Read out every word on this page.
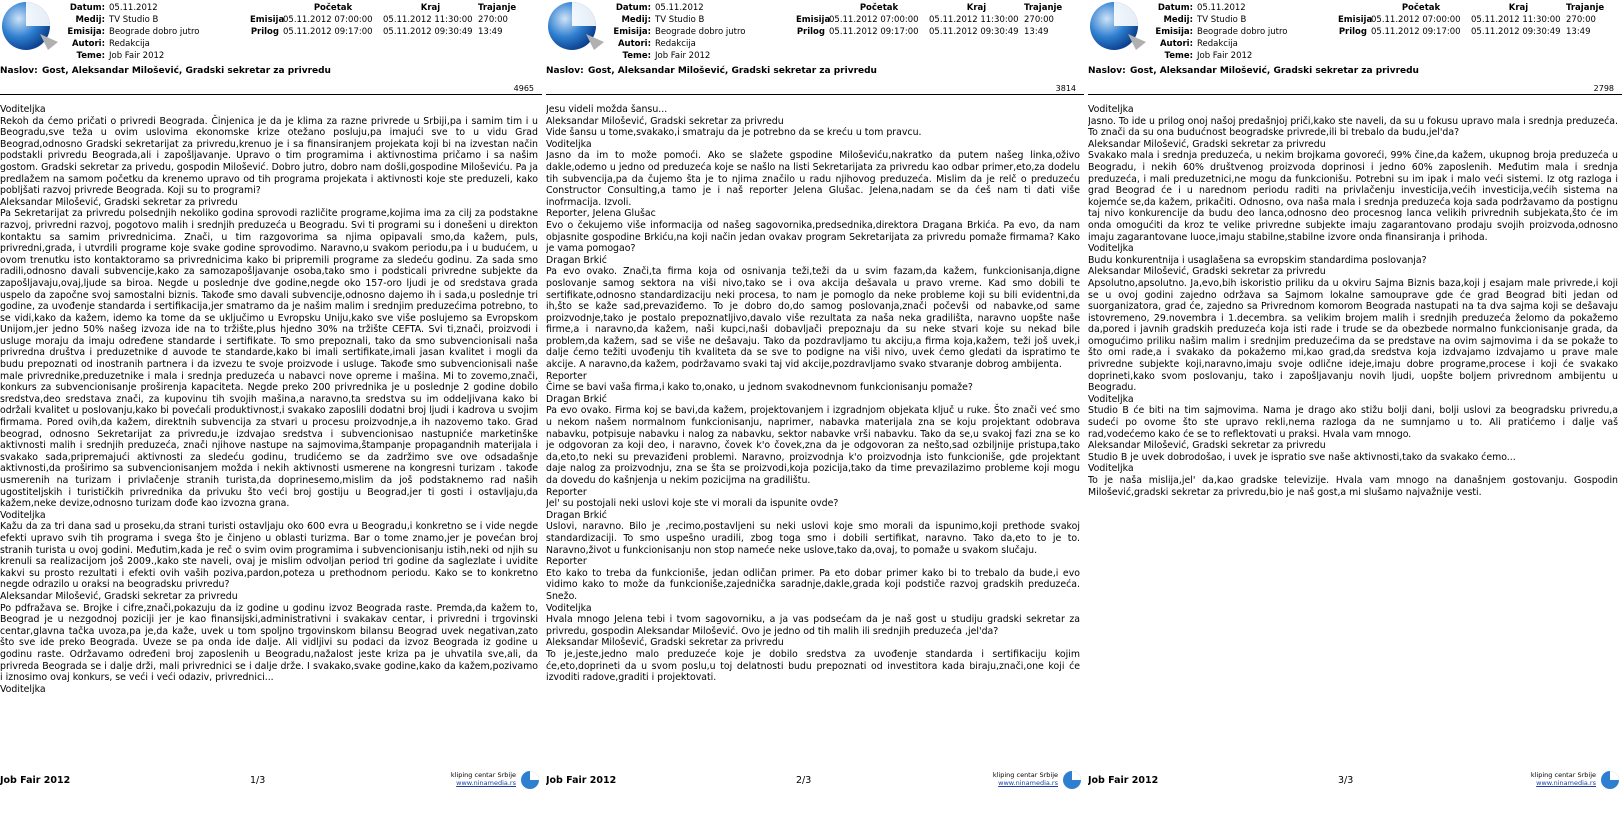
Datum: 05.11.2012
Medij: TV Studio B
Emisija: Beograde dobro jutro
Autori: Redakcija
Teme: Job Fair 2012
Početak	Kraj	Trajanje
Emisija05.11.2012 07:00:00 05.11.2012 11:30:00 270:00
Prilog 05.11.2012 09:17:00 05.11.2012 09:30:49 13:49
Naslov: Gost, Aleksandar Milošević, Gradski sekretar za privredu
4965

Voditeljka

Rekoh da ćemo pričati o privredi Beograda. Činjenica je da je klima za razne privrede u Srbiji,pa i samim tim i u Beogradu,sve teža u ovim uslovima ekonomske krize otežano posluju,pa imajući sve to u vidu Grad Beograd,odnosno Gradski sekretarijat za privredu,krenuo je i sa finansiranjem projekata koji bi na izvestan način podstakli privredu Beograda,ali i zapošljavanje. Upravo o tim programima i aktivnostima pričamo i sa našim gostom. Gradski sekretar za privedu, gospodin Milošević. Dobro jutro, dobro nam došli,gospodine Miloševiću. Pa ja predlažem na samom početku da krenemo upravo od tih programa projekata i aktivnosti koje ste preduzeli, kako pobljšati razvoj privrede Beograda. Koji su to programi?

Aleksandar Milošević, Gradski sekretar za privredu

Pa Sekretarijat za privredu polsednjih nekoliko godina sprovodi različite programe,kojima ima za cilj za podstakne razvoj, privredni razvoj, pogotovo malih i srednjih preduzeća u Beogradu. Svi ti programi su i donešeni u direkton kontaktu sa samim privrednicima. Znači, u tim razgovorima sa njima opipavali smo,da kažem, puls, privredni,grada, i utvrdili programe koje svake godine sprovodimo. Naravno,u svakom periodu,pa i u budućem, u ovom trenutku isto kontaktoramo sa privrednicima kako bi pripremili programe za sledeću godinu. Za sada smo radili,odnosno davali subvencije,kako za samozapošljavanje osoba,tako smo i podsticali privredne subjekte da zapošljavaju,ovaj,ljude sa biroa. Negde u poslednje dve godine,negde oko 157-oro ljudi je od sredstava grada uspelo da započne svoj samostalni biznis. Takođe smo davali subvencije,odnosno dajemo ih i sada,u poslednje tri godine, za uvođenje standarda i sertifikacija,jer smatramo da je našim malim i srednjim preduzećima potrebno, to se vidi,kako da kažem, idemo ka tome da se uključimo u Evropsku Uniju,kako sve više poslujemo sa Evropskom Unijom,jer jedno 50% našeg izvoza ide na to tržište,plus hjedno 30% na tržište CEFTA. Svi ti,znači, proizvodi i usluge moraju da imaju određene standarde i sertifikate. To smo prepoznali, tako da smo subvencionisali naša privredna društva i preduzetnike d auvode te standarde,kako bi imali sertifikate,imali jasan kvalitet i mogli da budu prepoznati od inostranih partnera i da izvezu te svoje proizvode i usluge. Takođe smo subvencionisali naše male privrednike,preduzetnike i mala i srednja preduzeća u nabavci nove opreme i mašina. Mi to zovemo,znači, konkurs za subvencionisanje proširenja kapaciteta. Negde preko 200 privrednika je u poslednje 2 godine dobilo sredstva,deo sredstava znači, za kupovinu tih svojih mašina,a naravno,ta sredstva su im oddeljivana kako bi održali kvalitet u poslovanju,kako bi povećali produktivnost,i svakako zaposlili dodatni broj ljudi i kadrova u svojim firmama. Pored ovih,da kažem, direktnih subvencija za stvari u procesu proizvodnje,a ih nazovemo tako. Grad beograd, odnosno Sekretarijat za privredu,je izdvajao sredstva i subvencionisao nastupniće marketinške aktivnosti malih i srednjih preduzeća, znači njihove nastupe na sajmovima,štampanje propagandnih materijala i svakako sada,pripremajući aktivnosti za sledeću godinu, trudićemo se da zadržimo sve ove odsadašnje aktivnosti,da proširimo sa subvencionisanjem možda i nekih aktivnosti usmerene na kongresni turizam . takođe usmerenih na turizam i privlačenje stranih turista,da doprinesemo,mislim da još podstaknemo rad naših ugostiteljskih i turističkih privrednika da privuku što veći broj gostiju u Beograd,jer ti gosti i ostavljaju,da kažem,neke devize,odnosno turizam dođe kao izvozna grana.

Voditeljka

Kažu da za tri dana sad u proseku,da strani turisti ostavljaju oko 600 evra u Beogradu,i konkretno se i vide negde efekti upravo svih tih programa i svega što je činjeno u oblasti turizma. Bar o tome znamo,jer je povećan broj stranih turista u ovoj godini. Međutim,kada je reč o svim ovim programima i subvencionisanju istih,neki od njih su krenuli sa realizacijom još 2009.,kako ste naveli, ovaj je mislim odvoljan period tri godine da saglezlate i uvidite kakvi su prosto rezultati i efekti ovih vaših poziva,pardon,poteza u prethodnom periodu. Kako se to konkretno negde odrazilo u oraksi na beogradsku privredu?

Aleksandar Milošević, Gradski sekretar za privredu

Po pdfražava se. Brojke i cifre,znači,pokazuju da iz godine u godinu izvoz Beograda raste. Premda,da kažem to, Beograd je u nezgodnoj poziciji jer je kao finansijski,administrativni i svakakav centar, i privredni i trgovinski centar,glavna tačka uvoza,pa je,da kaže, uvek u tom spoljno trgovinskom bilansu Beograd uvek negativan,zato što sve ide preko Beograda. Uveze se pa onda ide dalje. Ali vidljivi su podaci da izvoz Beograda iz godine u godinu raste. Održavamo određeni broj zaposlenih u Beogradu,nažalost jeste kriza pa je uhvatila sve,ali, da privreda Beograda se i dalje drži, mali privrednici se i dalje drže. I svakako,svake godine,kako da kažem,pozivamo i iznosimo ovaj konkurs, se veći i veći odaziv, privrednici...

Voditeljka

Job Fair 2012	1/3	kliping centar Srbije
www.ninamedia.rs
Datum: 05.11.2012
Medij: TV Studio B
Emisija: Beograde dobro jutro
Autori: Redakcija
Teme: Job Fair 2012
Početak	Kraj	Trajanje
Emisija05.11.2012 07:00:00 05.11.2012 11:30:00 270:00
Prilog 05.11.2012 09:17:00 05.11.2012 09:30:49 13:49
Naslov: Gost, Aleksandar Milošević, Gradski sekretar za privredu
3814

Jesu videli možda šansu...

Aleksandar Milošević, Gradski sekretar za privredu

Vide šansu u tome,svakako,i smatraju da je potrebno da se kreću u tom pravcu.

Voditeljka

Jasno da im to može pomoći. Ako se slažete gspodine Miloševiću,nakratko da putem našeg linka,oživo dakle,odemo u jedno od preduzeća koje se našlo na listi Sekretarijata za privredu kao odbar primer,eto,za dodelu tih subvencija,pa da čujemo šta je to njima značilo u radu njihovog preduzeća. Mislim da je relč o preduzeću Constructor Consulting,a tamo je i naš reporter Jelena Glušac. Jelena,nadam se da ćeš nam ti dati više inofrmacija. Izvoli.

Reporter, Jelena Glušac

Evo o čekujemo više informacija od našeg sagovornika,predsednika,direktora Dragana Brkića. Pa evo, da nam objasnite gospodine Brkiću,na koji način jedan ovakav program Sekretarijata za privredu pomaže firmama? Kako je vama pomogao?

Dragan Brkić

Pa evo ovako. Znači,ta firma koja od osnivanja teži,teži da u svim fazam,da kažem, funkcionisanja,digne poslovanje samog sektora na viši nivo,tako se i ova akcija dešavala u pravo vreme. Kad smo dobili te sertifikate,odnosno standardizaciju neki procesa, to nam je pomoglo da neke probleme koji su bili evidentni,da ih,što se kaže sad,prevaziđemo. To je dobro do,do samog poslovanja,znači počevši od nabavke,od same proizvodnje,tako je postalo prepoznatljivo,davalo više rezultata za naša neka gradilišta, naravno uopšte naše firme,a i naravno,da kažem, naši kupci,naši dobavljači prepoznaju da su neke stvari koje su nekad bile problem,da kažem, sad se više ne dešavaju. Tako da pozdravljamo tu akciju,a firma koja,kažem, teži još uvek,i dalje ćemo težiti uvođenju tih kvaliteta da se sve to podigne na viši nivo, uvek ćemo gledati da ispratimo te akcije. A naravno,da kažem, podržavamo svaki taj vid akcije,pozdravljamo svako stvaranje dobrog ambijenta.

Reporter

Čime se bavi vaša firma,i kako to,onako, u jednom svakodnevnom funkcionisanju pomaže?

Dragan Brkić

Pa evo ovako. Firma koj se bavi,da kažem, projektovanjem i izgradnjom objekata ključ u ruke. Što znači već smo u nekom našem normalnom funkcionisanju, naprimer, nabavka materijala zna se koju projektant odobrava nabavku, potpisuje nabavku i nalog za nabavku, sektor nabavke vrši nabavku. Tako da se,u svakoj fazi zna se ko je odgovoran za koji deo, i naravno, čovek k'o čovek,zna da je odgovoran za nešto,sad ozbiljnije pristupa,tako da,eto,to neki su prevaziđeni problemi. Naravno, proizvodnja k'o proizvodnja isto funkcioniše, gde projektant daje nalog za proizvodnju, zna se šta se proizvodi,koja pozicija,tako da time prevazilazimo probleme koji mogu da dovedu do kašnjenja u nekim pozicijma na gradilištu.

Reporter

Jel' su postojali neki uslovi koje ste vi morali da ispunite ovde?

Dragan Brkić

Uslovi, naravno. Bilo je ,recimo,postavljeni su neki uslovi koje smo morali da ispunimo,koji prethode svakoj standardizaciji. To smo uspešno uradili, zbog toga smo i dobili sertifikat, naravno. Tako da,eto to je to. Naravno,život u funkcionisanju non stop nameće neke uslove,tako da,ovaj, to pomaže u svakom slučaju.

Reporter

Eto kako to treba da funkcioniše, jedan odličan primer. Pa eto dobar primer kako bi to trebalo da bude,i evo vidimo kako to može da funkcioniše,zajednička saradnje,dakle,grada koji podstiče razvoj gradskih preduzeća. Snežo.

Voditeljka

Hvala mnogo Jelena tebi i tvom sagovorniku, a ja vas podsećam da je naš gost u studiju gradski sekretar za privredu, gospodin Aleksandar Milošević. Ovo je jedno od tih malih ili srednjih preduzeća ,jel'da?

Aleksandar Milošević, Gradski sekretar za privredu

To je,jeste,jedno malo preduzeće koje je dobilo sredstva za uvođenje standarda i sertifikaciju kojim će,eto,doprineti da u svom poslu,u toj delatnosti budu prepoznati od investitora kada biraju,znači,one koji će izvoditi radove,graditi i projektovati.

Job Fair 2012	2/3	kliping centar Srbije
www.ninamedia.rs
Datum: 05.11.2012
Medij: TV Studio B
Emisija: Beograde dobro jutro
Autori: Redakcija
Teme: Job Fair 2012
Početak	Kraj	Trajanje
Emisija05.11.2012 07:00:00 05.11.2012 11:30:00 270:00
Prilog 05.11.2012 09:17:00 05.11.2012 09:30:49 13:49
Naslov: Gost, Aleksandar Milošević, Gradski sekretar za privredu
2798

Voditeljka

Jasno. To ide u prilog onoj našoj predašnjoj priči,kako ste naveli, da su u fokusu upravo mala i srednja preduzeća. To znači da su ona budućnost beogradske privrede,ili bi trebalo da budu,jel'da?

Aleksandar Milošević, Gradski sekretar za privredu

Svakako mala i srednja preduzeća, u nekim brojkama govoreći, 99% čine,da kažem, ukupnog broja preduzeća u Beogradu, i nekih 60% društvenog proizvoda doprinosi i jedno 60% zaposlenih. Međutim mala i srednja preduzeća, i mali preduzetnici,ne mogu da funkcionišu. Potrebni su im ipak i malo veći sistemi. Iz otg razloga i grad Beograd će i u narednom periodu raditi na privlačenju investicija,većih investicija,većih sistema na kojemće se,da kažem, prikačiti. Odnosno, ova naša mala i srednja preduzeća koja sada podržavamo da postignu taj nivo konkurencije da budu deo lanca,odnosno deo procesnog lanca velikih privrednih subjekata,što će im onda omogućiti da kroz te velike privredne subjekte imaju zagarantovano prodaju svojih proizvoda,odnosno imaju zagarantovane luoce,imaju stabilne,stabilne izvore onda finansiranja i prihoda.

Voditeljka

Budu konkurentnija i usaglašena sa evropskim standardima poslovanja?

Aleksandar Milošević, Gradski sekretar za privredu

Apsolutno,apsolutno. Ja,evo,bih iskoristio priliku da u okviru Sajma Biznis baza,koji j esajam male privrede,i koji se u ovoj godini zajedno održava sa Sajmom lokalne samouprave gde će grad Beograd biti jedan od suorganizatora, grad će, zajedno sa Privrednom komorom Beograda nastupati na ta dva sajma koji se dešavaju istovremeno, 29.novembra i 1.decembra. sa velikim brojem malih i srednjih preduzeća želomo da pokažemo da,pored i javnih gradskih preduzeća koja isti rade i trude se da obezbede normalno funkcionisanje grada, da omogućimo priliku našim malim i srednjim preduzećima da se predstave na ovim sajmovima i da se pokaže to što omi rade,a i svakako da pokažemo mi,kao grad,da sredstva koja izdvajamo izdvajamo u prave male privredne subjekte koji,naravno,imaju svoje odlične ideje,imaju dobre programe,procese i koji će svakako doprineti,kako svom poslovanju, tako i zapošljavanju novih ljudi, uopšte boljem privrednom ambijentu u Beogradu.

Voditeljka

Studio B će biti na tim sajmovima. Nama je drago ako stižu bolji dani, bolji uslovi za beogradsku privredu,a sudeći po ovome što ste upravo rekli,nema razloga da ne sumnjamo u to. Ali pratićemo i dalje vaš rad,vodećemo kako će se to reflektovati u praksi. Hvala vam mnogo.

Aleksandar Milošević, Gradski sekretar za privredu

Studio B je uvek dobrodošao, i uvek je ispratio sve naše aktivnosti,tako da svakako ćemo...

Voditeljka

To je naša mislija,jel' da,kao gradske televizije. Hvala vam mnogo na današnjem gostovanju. Gospodin Milošević,gradski sekretar za privredu,bio je naš gost,a mi slušamo najvažnije vesti.

Job Fair 2012	3/3	kliping centar Srbije
www.ninamedia.rs
